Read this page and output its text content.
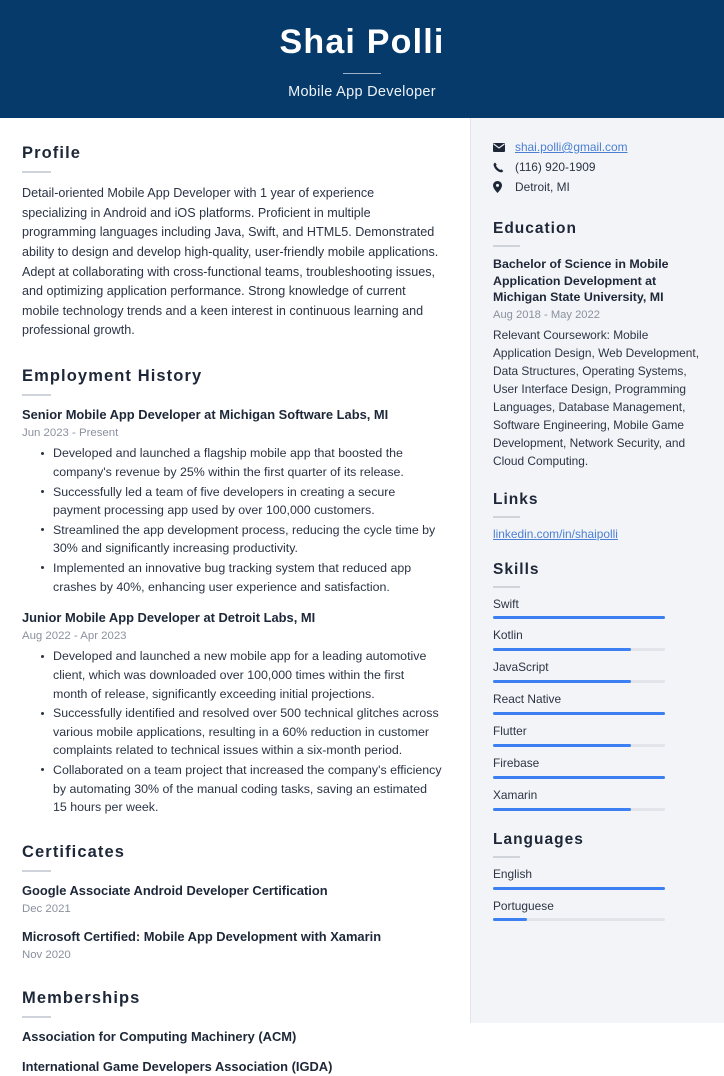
Shai Polli
Mobile App Developer
Profile

Detail-oriented Mobile App Developer with 1 year of experience specializing in Android and iOS platforms. Proficient in multiple programming languages including Java, Swift, and HTML5. Demonstrated ability to design and develop high-quality, user-friendly mobile applications. Adept at collaborating with cross-functional teams, troubleshooting issues, and optimizing application performance. Strong knowledge of current mobile technology trends and a keen interest in continuous learning and professional growth.

Employment History
Senior Mobile App Developer at Michigan Software Labs, MI
Jun 2023 - Present
Developed and launched a flagship mobile app that boosted the company's revenue by 25% within the first quarter of its release.
Successfully led a team of five developers in creating a secure payment processing app used by over 100,000 customers.
Streamlined the app development process, reducing the cycle time by 30% and significantly increasing productivity.
Implemented an innovative bug tracking system that reduced app crashes by 40%, enhancing user experience and satisfaction.
Junior Mobile App Developer at Detroit Labs, MI
Aug 2022 - Apr 2023
Developed and launched a new mobile app for a leading automotive client, which was downloaded over 100,000 times within the first month of release, significantly exceeding initial projections.
Successfully identified and resolved over 500 technical glitches across various mobile applications, resulting in a 60% reduction in customer complaints related to technical issues within a six-month period.
Collaborated on a team project that increased the company's efficiency by automating 30% of the manual coding tasks, saving an estimated 15 hours per week.
Certificates
Google Associate Android Developer Certification
Dec 2021
Microsoft Certified: Mobile App Development with Xamarin
Nov 2020
Memberships
Association for Computing Machinery (ACM)
International Game Developers Association (IGDA)
shai.polli@gmail.com
(116) 920-1909
Detroit, MI
Education
Bachelor of Science in Mobile Application Development at Michigan State University, MI
Aug 2018 - May 2022

Relevant Coursework: Mobile Application Design, Web Development, Data Structures, Operating Systems, User Interface Design, Programming Languages, Database Management, Software Engineering, Mobile Game Development, Network Security, and Cloud Computing.

Links
linkedin.com/in/shaipolli
Skills
Swift
Kotlin
JavaScript
React Native
Flutter
Firebase
Xamarin
Languages
English
Portuguese
